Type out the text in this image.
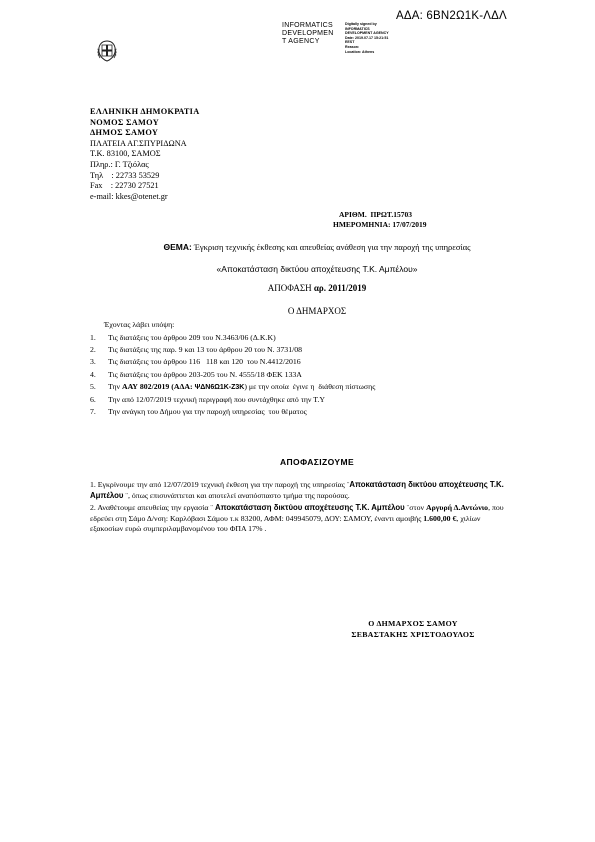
ΑΔΑ: 6ΒΝ2Ω1Κ-ΛΔΛ
INFORMATICS
DEVELOPMEN
T AGENCY
Digitally signed by
INFORMATICS
DEVELOPMENT AGENCY
Date: 2019.07.17 15:21:51
EEST
Reason:
Location: Athens
ΕΛΛΗΝΙΚΗ ΔΗΜΟΚΡΑΤΙΑ
ΝΟΜΟΣ ΣΑΜΟΥ
ΔΗΜΟΣ ΣΑΜΟΥ
ΠΛΑΤΕΙΑ ΑΓ.ΣΠΥΡΙΔΩΝΑ
Τ.Κ. 83100, ΣΑΜΟΣ
Πληρ.: Γ. Τζιόλας
Τηλ    : 22733 53529
Fax    : 22730 27521
e-mail: kkes@otenet.gr
ΑΡΙΘΜ.  ΠΡΩΤ.15703
ΗΜΕΡΟΜΗΝΙΑ: 17/07/2019
ΘΕΜΑ: Έγκριση τεχνικής έκθεσης και απευθείας ανάθεση για την παροχή της υπηρεσίας
«Αποκατάσταση δικτύου αποχέτευσης Τ.Κ. Αμπέλου»
ΑΠΟΦΑΣΗ αρ. 2011/2019
Ο ΔΗΜΑΡΧΟΣ
Έχοντας λάβει υπόψη:
1.	Τις διατάξεις του άρθρου 209 του Ν.3463/06 (Δ.Κ.Κ)
2.	Τις διατάξεις της παρ. 9 και 13 του άρθρου 20 του Ν. 3731/08
3.	Τις διατάξεις του άρθρου 116   118 και 120  του Ν.4412/2016
4.	Τις διατάξεις του άρθρου 203-205 του Ν. 4555/18 ΦΕΚ 133Α
5.	Την ΑΑΥ 802/2019 (ΑΔΑ: ΨΔΝ6Ω1Κ-Ζ3Κ) με την οποία  έγινε η  διάθεση πίστωσης
6.	Την από 12/07/2019 τεχνική περιγραφή που συντάχθηκε από την Τ.Υ
7.	Την ανάγκη του Δήμου για την παροχή υπηρεσίας  του θέματος
ΑΠΟΦΑΣΙΖΟΥΜΕ
1. Εγκρίνουμε την από 12/07/2019 τεχνική έκθεση για την παροχή της υπηρεσίας ¨Αποκατάσταση δικτύου αποχέτευσης Τ.Κ. Αμπέλου ¨, όπως επισυνάπτεται και αποτελεί αναπόσπαστο τμήμα της παρούσας.
2. Αναθέτουμε απευθείας την εργασία ¨ Αποκατάσταση δικτύου αποχέτευσης Τ.Κ. Αμπέλου ¨στον Αργυρή Δ.Αντώνιο, που εδρεύει στη Σάμο Δ/νση: Καρλόβασι Σάμου τ.κ 83200, ΑΦΜ: 049945079, ΔΟΥ: ΣΑΜΟΥ, έναντι αμοιβής 1.600,00 €, χιλίων εξακοσίων ευρώ συμπεριλαμβανομένου του ΦΠΑ 17% .
Ο ΔΗΜΑΡΧΟΣ ΣΑΜΟΥ
ΣΕΒΑΣΤΑΚΗΣ ΧΡΙΣΤΟΔΟΥΛΟΣ
